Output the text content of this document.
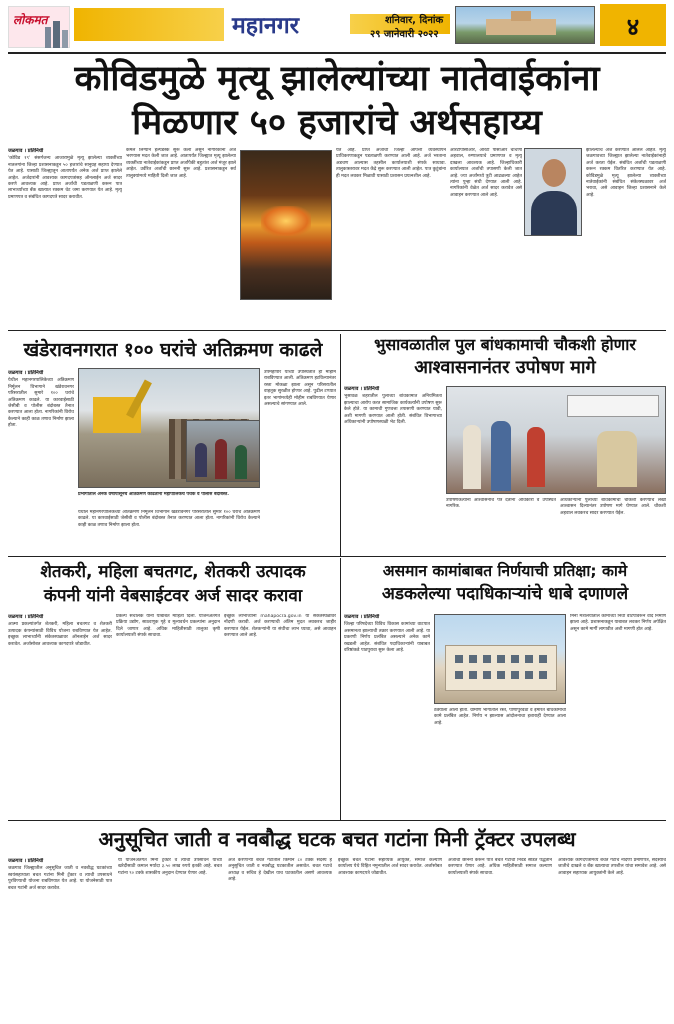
लोकमत	महानगर	शनिवार, दिनांक
२९ जानेवारी २०२२	४
कोविडमुळे मृत्यू झालेल्यांच्या नातेवाईकांना
मिळणार ५० हजारांचे अर्थसहाय्य
जळगाव । प्रतिनिधी
'कोविड १९' संसर्गजन्य आजारामुळे मृत्यू झालेल्या व्यक्तींच्या नातलगांना जिल्हा प्रशासनाकडून ५० हजारांचे सानुग्रह सहाय्य देण्यात येत आहे. यासाठी जिल्ह्यातून आतापर्यंत अनेक अर्ज प्राप्त झालेले आहेत. अर्जदारांनी आवश्यक कागदपत्रांसह ऑनलाईन अर्ज सादर करणे आवश्यक आहे. प्राप्त अर्जांची पडताळणी करून पात्र लाभार्थ्यांच्या बँक खात्यात रक्कम थेट जमा करण्यात येत आहे. मृत्यू प्रमाणपत्र व संबंधित कागदपत्रे सादर करावीत.
कमल लिंग्याने हेल्पडेस्क सुरू केला असून नागरिकांना अर्ज भरण्यास मदत केली जात आहे. आतापर्यंत जिल्ह्यात मृत्यू झालेल्या व्यक्तींच्या नातेवाईकांकडून प्राप्त अर्जांपैकी बहुतांश अर्ज मंजूर झाले आहेत. उर्वरित अर्जांची छाननी सुरू आहे. प्रशासनाकडून सर्व तालुक्यांमध्ये माहिती दिली जात आहे.
येते आहे. प्राप्त अर्जांची जिल्हा आपत्ती व्यवस्थापन प्राधिकरणाकडून पडताळणी करण्यात आली आहे. अर्ज भरताना अडचण आल्यास तहसील कार्यालयाशी संपर्क साधावा. तालुकास्तरावर मदत केंद्रे सुरू करण्यात आली आहेत. पात्र कुटुंबांना ही मदत लवकर मिळावी यासाठी प्रशासन प्रयत्नशील आहे.
आरटीपीसीआर, आरटी पीसीआर चाचणी अहवाल, रुग्णालयाचे प्रमाणपत्र व मृत्यू दाखला आवश्यक आहे. जिल्हाधिकारी कार्यालयात अर्जांची तपासणी केली जात आहे. ज्या अर्जांमध्ये त्रुटी आढळल्या आहेत त्यांना पुन्हा संधी देण्यात आली आहे. नागरिकांनी वेळेत अर्ज सादर करावेत असे आवाहन करण्यात आले आहे.
झालेल्यांचे अर्ज करण्यात आलेले आहेत. मृत्यू जळगावच्या जिल्ह्यात झालेल्या नातेवाईकांनाही अर्ज करता येईल. संबंधित अर्जांची पडताळणी करून रक्कम वितरित करण्यात येत आहे. कोविडमुळे मृत्यू झालेल्या व्यक्तीच्या नातेवाईकांनी संबंधित संकेतस्थळावर अर्ज भरावा, असे आवाहन जिल्हा प्रशासनाने केले आहे.
खंडेरावनगरात १०० घरांचे अतिक्रमण काढले
जळगाव । प्रतिनिधी
येथील महानगरपालिकेच्या अतिक्रमण निर्मूलन विभागाने खंडेरावनगर परिसरातील सुमारे १०० घरांचे अतिक्रमण काढले. या कारवाईसाठी जेसीबी व पोलीस बंदोबस्त तैनात करण्यात आला होता. नागरिकांनी विरोध केल्याने काही काळ तणाव निर्माण झाला होता.
प्रभागातील अनेक वर्षांपासूनचे अतिक्रमण काढताना महापालिकेचे पथक व पोलीस बंदोबस्त.
उपमहापौर यांच्या उपस्थितीत ही मोहीम राबविण्यात आली. अतिक्रमण हटविल्यानंतर रस्ता मोकळा झाला असून परिसरातील वाहतूक सुरळीत होणार आहे. पुढील टप्प्यात इतर भागांमध्येही मोहीम राबविण्यात येणार असल्याचे सांगण्यात आले.
येथील महानगरपालिकेच्या अतिक्रमण निर्मूलन विभागाने खंडेरावनगर परिसरातील सुमारे १०० घरांचे अतिक्रमण काढले. या कारवाईसाठी जेसीबी व पोलीस बंदोबस्त तैनात करण्यात आला होता. नागरिकांनी विरोध केल्याने काही काळ तणाव निर्माण झाला होता.
भुसावळातील पुल बांधकामाची चौकशी होणार
आश्वासनानंतर उपोषण मागे
जळगाव । प्रतिनिधी
भुसावळ शहरातील पुलाच्या बांधकामात अनियमितता झाल्याचा आरोप करत सामाजिक कार्यकर्त्यांनी उपोषण सुरू केले होते. या कामाची गुणवत्ता तपासणी करण्यात यावी, अशी मागणी करण्यात आली होती. संबंधित विभागाच्या अधिकाऱ्यांनी उपोषणस्थळी भेट दिली.
उपोषणकर्त्यांना आश्वासनाचे पत्र देताना अधिकारी व उपस्थित नागरिक.
अधिकाऱ्यांनी पुलाच्या बांधकामाची चौकशी करण्याचे लेखी आश्वासन दिल्यानंतर उपोषण मागे घेण्यात आले. चौकशी अहवाल लवकरच सादर करण्यात येईल.
शेतकरी, महिला बचतगट, शेतकरी उत्पादक
कंपनी यांनी वेबसाईटवर अर्ज सादर करावा
जळगाव । प्रतिनिधी
आत्मा प्रकल्पांतर्गत शेतकरी, महिला बचतगट व शेतकरी उत्पादक कंपन्यांसाठी विविध योजना राबविण्यात येत आहेत. इच्छुक लाभार्थ्यांनी संकेतस्थळावर ऑनलाईन अर्ज सादर करावेत. अर्जासोबत आवश्यक कागदपत्रे जोडावीत.
प्रकल्प संचालक यांनी याबाबत माहिती दिली. योजनेअंतर्गत प्रक्रिया उद्योग, साठवणूक गृहे व मूल्यवर्धन प्रकल्पांना अनुदान दिले जाणार आहे. अधिक माहितीसाठी तालुका कृषी कार्यालयाशी संपर्क साधावा.
इच्छुक लाभार्थ्यांनी mahapocra.gov.in या संकेतस्थळावर नोंदणी करावी. अर्ज करण्याची अंतिम मुदत लवकरच जाहीर करण्यात येईल. शेतकऱ्यांनी या संधीचा लाभ घ्यावा, असे आवाहन करण्यात आले आहे.
असमान कामांबाबत निर्णयाची प्रतिक्षा; कामे
अडकलेल्या पदाधिकाऱ्यांचे धाबे दणाणले
जळगाव । प्रतिनिधी
जिल्हा परिषदेच्या विविध विकास कामांच्या वाटपात असमानता झाल्याची तक्रार करण्यात आली आहे. या प्रकरणी निर्णय प्रलंबित असल्याने अनेक कामे रखडली आहेत. संबंधित पदाधिकाऱ्यांनी याबाबत वरिष्ठांकडे पाठपुरावा सुरू केला आहे.
मिनी मंत्रालयातील कामांच्या निधी वाटपावरून वाद निर्माण झाला आहे. प्रशासनाकडून याबाबत लवकर निर्णय अपेक्षित असून कामे मार्गी लागावीत अशी मागणी होत आहे.
ठेक्याला आला होता. ग्रामीण भागातील रस्ते, पाणीपुरवठा व इमारत बांधकामाची कामे प्रलंबित आहेत. निर्णय न झाल्यास आंदोलनाचा इशाराही देण्यात आला आहे.
अनुसूचित जाती व नवबौद्ध घटक बचत गटांना मिनी ट्रॅक्टर उपलब्ध
जळगाव । प्रतिनिधी
जळगाव जिल्ह्यातील अनुसूचित जाती व नवबौद्ध घटकांच्या स्वयंसहाय्यता बचत गटांना मिनी ट्रॅक्टर व त्याची उपसाधने पुरविण्याची योजना राबविण्यात येत आहे. या योजनेसाठी पात्र बचत गटांनी अर्ज सादर करावेत.
या योजनेअंतर्गत मिनी ट्रॅक्टर व त्याची उपसाधने यांच्या खरेदीसाठी कमाल मर्यादा ३.५० लाख रुपये इतकी आहे. बचत गटांना ९० टक्के शासकीय अनुदान देण्यात येणार आहे.
अर्ज करणाऱ्या बचत गटातील किमान ८० टक्के सदस्य हे अनुसूचित जाती व नवबौद्ध घटकातील असावेत. बचत गटाचे अध्यक्ष व सचिव हे देखील याच घटकातील असणे आवश्यक आहे.
इच्छुक बचत गटांनी सहाय्यक आयुक्त, समाज कल्याण कार्यालय येथे विहित नमुन्यातील अर्ज सादर करावेत. अर्जासोबत आवश्यक कागदपत्रे जोडावीत.
अर्जांची छाननी करून पात्र बचत गटांची निवड सोडत पद्धतीने करण्यात येणार आहे. अधिक माहितीसाठी समाज कल्याण कार्यालयाशी संपर्क साधावा.
आवश्यक कागदपत्रांमध्ये बचत गटाचे नोंदणी प्रमाणपत्र, सदस्यांचे जातीचे दाखले व बँक खात्याचा तपशील यांचा समावेश आहे. असे आवाहन सहाय्यक आयुक्तांनी केले आहे.
